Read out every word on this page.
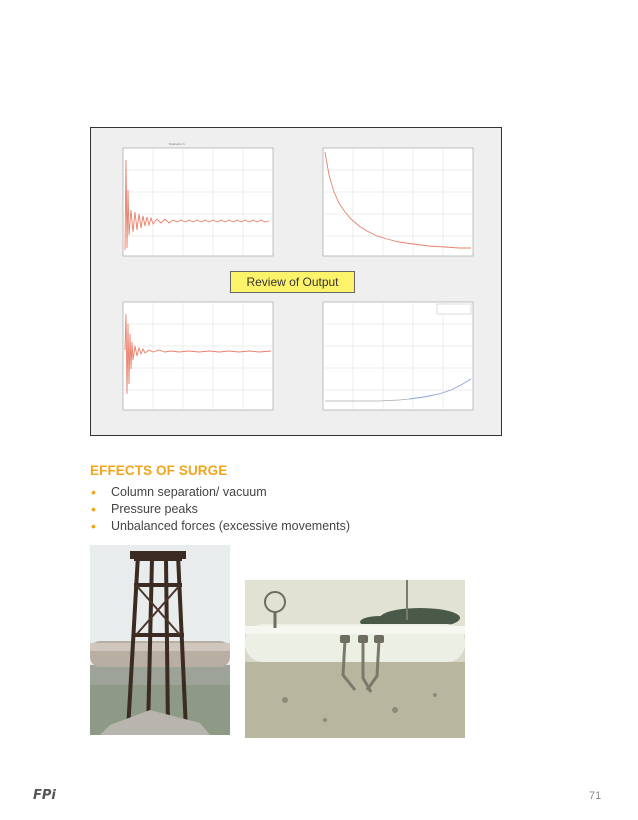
Scenario 1
Review of Output
EFFECTS OF SURGE
• Column separation/ vacuum
• Pressure peaks
• Unbalanced forces (excessive movements)
FPi	71
